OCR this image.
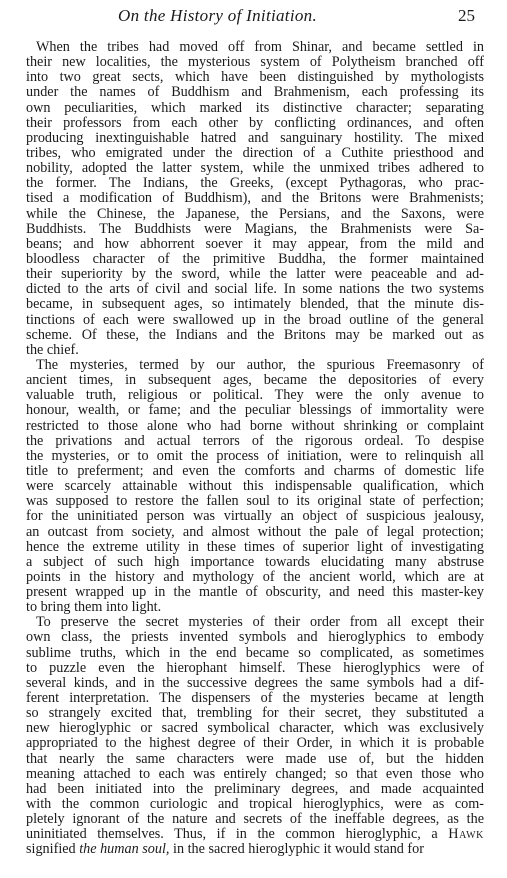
On the History of Initiation.	25
When the tribes had moved off from Shinar, and became settled in
their new localities, the mysterious system of Polytheism branched off
into two great sects, which have been distinguished by mythologists
under the names of Buddhism and Brahmenism, each professing its
own peculiarities, which marked its distinctive character; separating
their professors from each other by conflicting ordinances, and often
producing inextinguishable hatred and sanguinary hostility. The mixed
tribes, who emigrated under the direction of a Cuthite priesthood and
nobility, adopted the latter system, while the unmixed tribes adhered to
the former. The Indians, the Greeks, (except Pythagoras, who prac-
tised a modification of Buddhism), and the Britons were Brahmenists;
while the Chinese, the Japanese, the Persians, and the Saxons, were
Buddhists. The Buddhists were Magians, the Brahmenists were Sa-
beans; and how abhorrent soever it may appear, from the mild and
bloodless character of the primitive Buddha, the former maintained
their superiority by the sword, while the latter were peaceable and ad-
dicted to the arts of civil and social life. In some nations the two systems
became, in subsequent ages, so intimately blended, that the minute dis-
tinctions of each were swallowed up in the broad outline of the general
scheme. Of these, the Indians and the Britons may be marked out as
the chief.
The mysteries, termed by our author, the spurious Freemasonry of
ancient times, in subsequent ages, became the depositories of every
valuable truth, religious or political. They were the only avenue to
honour, wealth, or fame; and the peculiar blessings of immortality were
restricted to those alone who had borne without shrinking or complaint
the privations and actual terrors of the rigorous ordeal. To despise
the mysteries, or to omit the process of initiation, were to relinquish all
title to preferment; and even the comforts and charms of domestic life
were scarcely attainable without this indispensable qualification, which
was supposed to restore the fallen soul to its original state of perfection;
for the uninitiated person was virtually an object of suspicious jealousy,
an outcast from society, and almost without the pale of legal protection;
hence the extreme utility in these times of superior light of investigating
a subject of such high importance towards elucidating many abstruse
points in the history and mythology of the ancient world, which are at
present wrapped up in the mantle of obscurity, and need this master-key
to bring them into light.
To preserve the secret mysteries of their order from all except their
own class, the priests invented symbols and hieroglyphics to embody
sublime truths, which in the end became so complicated, as sometimes
to puzzle even the hierophant himself. These hieroglyphics were of
several kinds, and in the successive degrees the same symbols had a dif-
ferent interpretation. The dispensers of the mysteries became at length
so strangely excited that, trembling for their secret, they substituted a
new hieroglyphic or sacred symbolical character, which was exclusively
appropriated to the highest degree of their Order, in which it is probable
that nearly the same characters were made use of, but the hidden
meaning attached to each was entirely changed; so that even those who
had been initiated into the preliminary degrees, and made acquainted
with the common curiologic and tropical hieroglyphics, were as com-
pletely ignorant of the nature and secrets of the ineffable degrees, as the
uninitiated themselves. Thus, if in the common hieroglyphic, a Hawk
signified the human soul, in the sacred hieroglyphic it would stand for
